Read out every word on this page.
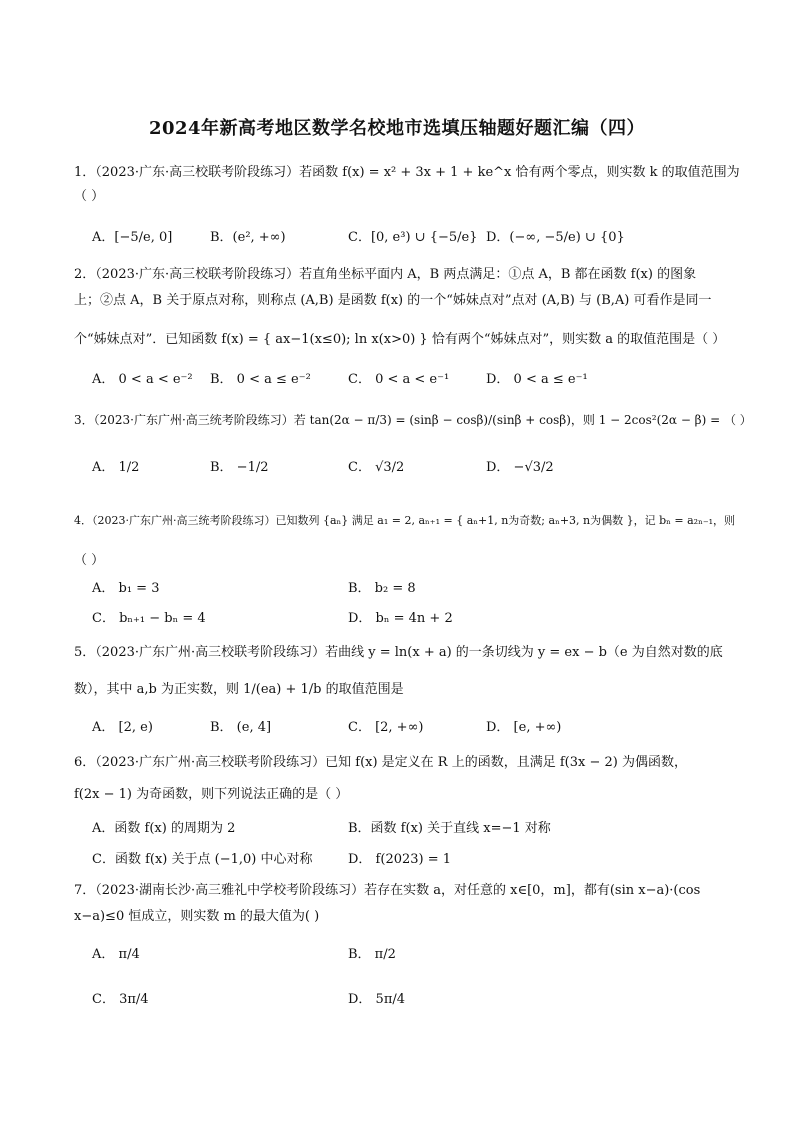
2024年新高考地区数学名校地市选填压轴题好题汇编（四）
1．（2023·广东·高三校联考阶段练习）若函数 f(x) = x² + 3x + 1 + ke^x 恰有两个零点，则实数 k 的取值范围为
（ ）
A．[−5/e, 0]	B．(e², +∞)	C．[0, e³) ∪ {−5/e} D．(−∞, −5/e) ∪ {0}
2．（2023·广东·高三校联考阶段练习）若直角坐标平面内 A，B 两点满足：①点 A，B 都在函数 f(x) 的图象
上；②点 A，B 关于原点对称，则称点 (A,B) 是函数 f(x) 的一个“姊妹点对”点对 (A,B) 与 (B,A) 可看作是同一
个“姊妹点对”．已知函数 f(x) = { ax−1(x≤0); ln x(x>0) } 恰有两个“姊妹点对”，则实数 a 的取值范围是（ ）
A． 0 < a < e⁻² B． 0 < a ≤ e⁻²	C． 0 < a < e⁻¹	D． 0 < a ≤ e⁻¹
3．（2023·广东广州·高三统考阶段练习）若 tan(2α − π/3) = (sinβ − cosβ)/(sinβ + cosβ)，则 1 − 2cos²(2α − β) = （ ）
A． 1/2	B． −1/2	C． √3/2	D． −√3/2
4．（2023·广东广州·高三统考阶段练习）已知数列 {aₙ} 满足 a₁ = 2, aₙ₊₁ = { aₙ+1, n为奇数; aₙ+3, n为偶数 }，记 bₙ = a₂ₙ₋₁，则
（ ）
A． b₁ = 3	B． b₂ = 8
C． bₙ₊₁ − bₙ = 4	D． bₙ = 4n + 2
5．（2023·广东广州·高三校联考阶段练习）若曲线 y = ln(x + a) 的一条切线为 y = ex − b（e 为自然对数的底
数），其中 a,b 为正实数，则 1/(ea) + 1/b 的取值范围是
A． [2, e)	B． (e, 4]	C． [2, +∞)	D． [e, +∞)
6．（2023·广东广州·高三校联考阶段练习）已知 f(x) 是定义在 R 上的函数，且满足 f(3x − 2) 为偶函数，
f(2x − 1) 为奇函数，则下列说法正确的是（ ）
A．函数 f(x) 的周期为 2	B．函数 f(x) 关于直线 x=−1 对称
C．函数 f(x) 关于点 (−1,0) 中心对称	D． f(2023) = 1
7．（2023·湖南长沙·高三雅礼中学校考阶段练习）若存在实数 a，对任意的 x∈[0，m]，都有(sin x−a)·(cos
x−a)≤0 恒成立，则实数 m 的最大值为( )
A． π/4	B． π/2
C． 3π/4	D． 5π/4
